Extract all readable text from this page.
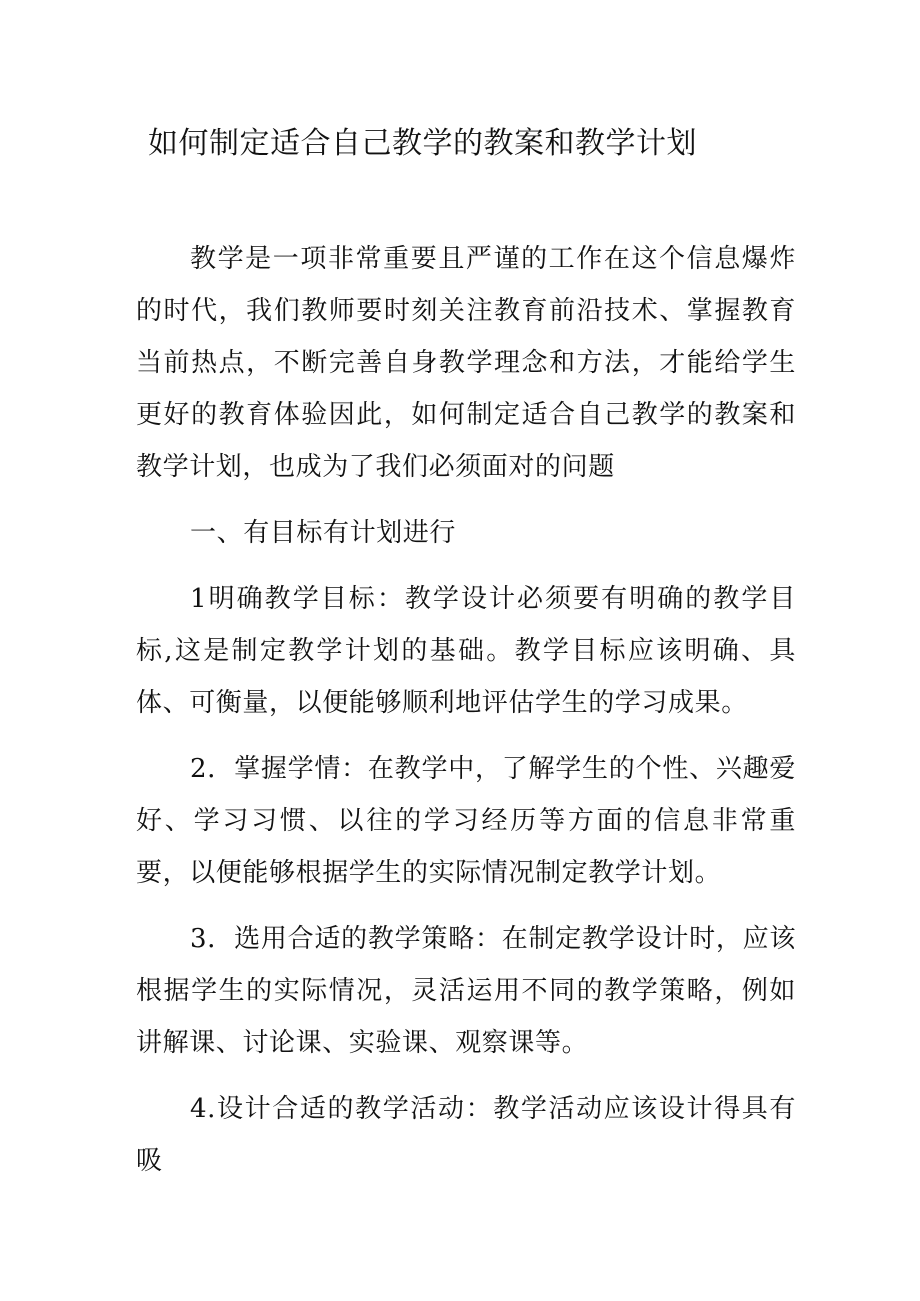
如何制定适合自己教学的教案和教学计划

教学是一项非常重要且严谨的工作在这个信息爆炸的时代，我们教师要时刻关注教育前沿技术、掌握教育当前热点，不断完善自身教学理念和方法，才能给学生更好的教育体验因此，如何制定适合自己教学的教案和教学计划，也成为了我们必须面对的问题

一、有目标有计划进行

1明确教学目标：教学设计必须要有明确的教学目标,这是制定教学计划的基础。教学目标应该明确、具体、可衡量，以便能够顺利地评估学生的学习成果。

2．掌握学情：在教学中，了解学生的个性、兴趣爱好、学习习惯、以往的学习经历等方面的信息非常重要，以便能够根据学生的实际情况制定教学计划。

3．选用合适的教学策略：在制定教学设计时，应该根据学生的实际情况，灵活运用不同的教学策略，例如讲解课、讨论课、实验课、观察课等。

4.设计合适的教学活动：教学活动应该设计得具有吸
